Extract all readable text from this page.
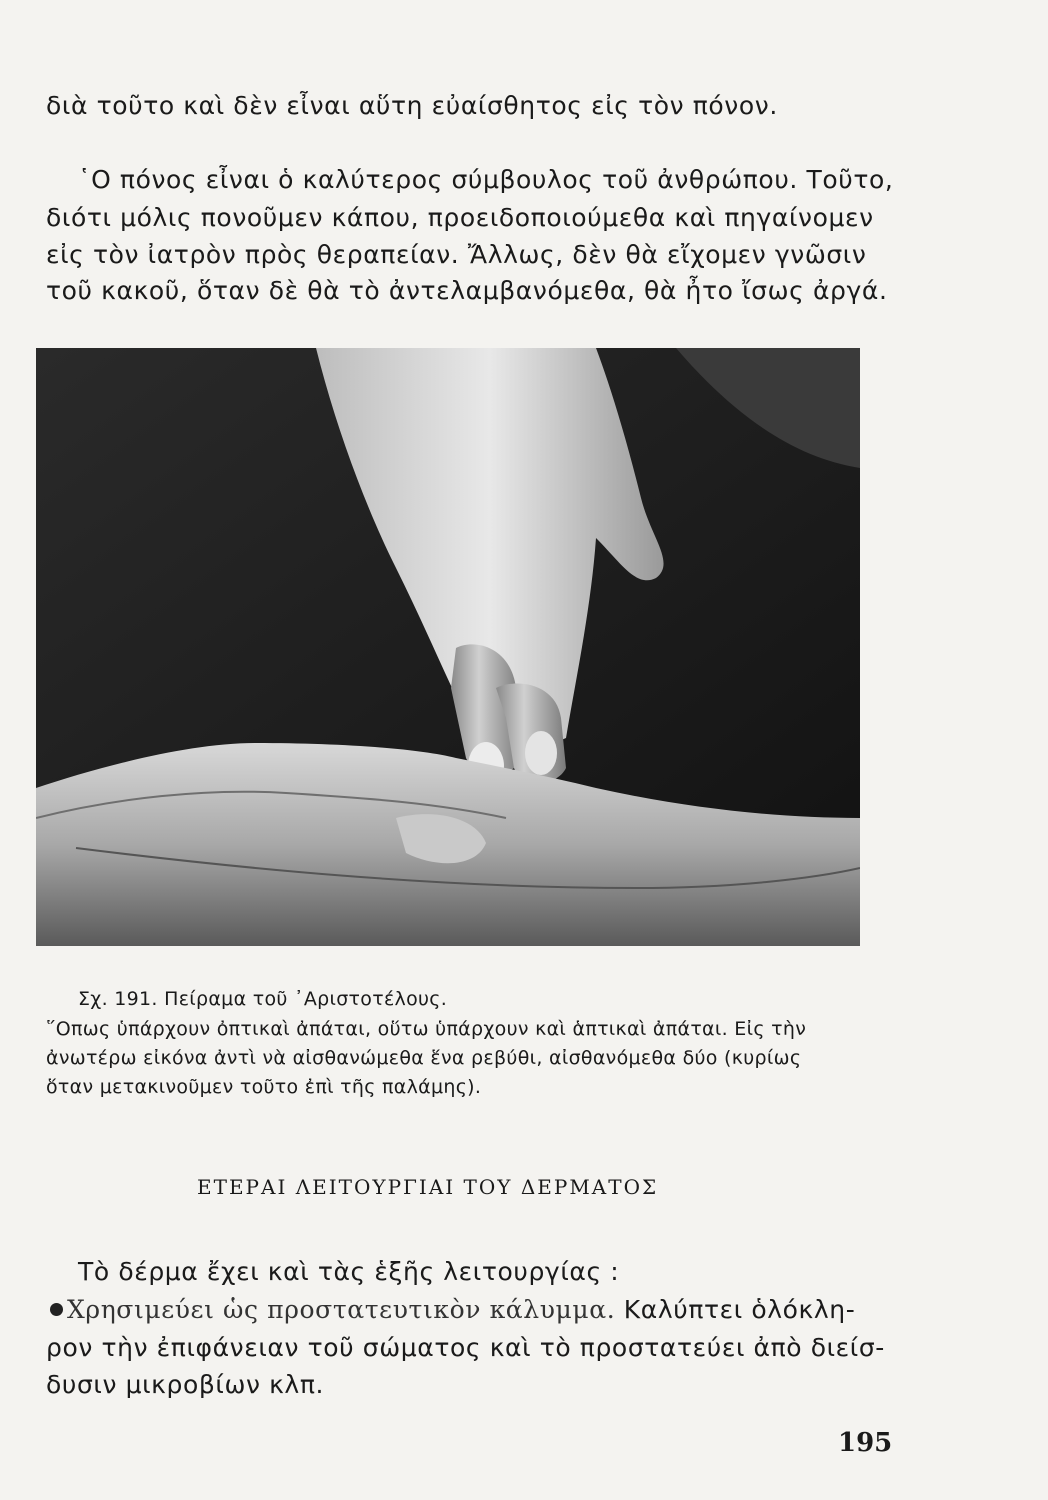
διὰ τοῦτο καὶ δὲν εἶναι αὕτη εὐαίσθητος εἰς τὸν πόνον.
῾Ο πόνος εἶναι ὁ καλύτερος σύμβουλος τοῦ ἀνθρώπου. Τοῦτο,
διότι μόλις πονοῦμεν κάπου, προειδοποιούμεθα καὶ πηγαίνομεν
εἰς τὸν ἰατρὸν πρὸς θεραπείαν. Ἄλλως, δὲν θὰ εἴχομεν γνῶσιν
τοῦ κακοῦ, ὅταν δὲ θὰ τὸ ἀντελαμβανόμεθα, θὰ ἦτο ἴσως ἀργά.
Σχ. 191. Πείραμα τοῦ ᾿Αριστοτέλους.
῞Οπως ὑπάρχουν ὀπτικαὶ ἀπάται, οὕτω ὑπάρχουν καὶ ἁπτικαὶ ἀπάται. Εἰς τὴν
ἀνωτέρω εἰκόνα ἀντὶ νὰ αἰσθανώμεθα ἕνα ρεβύθι, αἰσθανόμεθα δύο (κυρίως
ὅταν μετακινοῦμεν τοῦτο ἐπὶ τῆς παλάμης).
ΕΤΕΡΑΙ ΛΕΙΤΟΥΡΓΙΑΙ ΤΟΥ ΔΕΡΜΑΤΟΣ
Τὸ δέρμα ἔχει καὶ τὰς ἑξῆς λειτουργίας :
Χρησιμεύει ὡς προστατευτικὸν κάλυμμα. Καλύπτει ὁλόκλη-
ρον τὴν ἐπιφάνειαν τοῦ σώματος καὶ τὸ προστατεύει ἀπὸ διείσ-
δυσιν μικροβίων κλπ.
195
